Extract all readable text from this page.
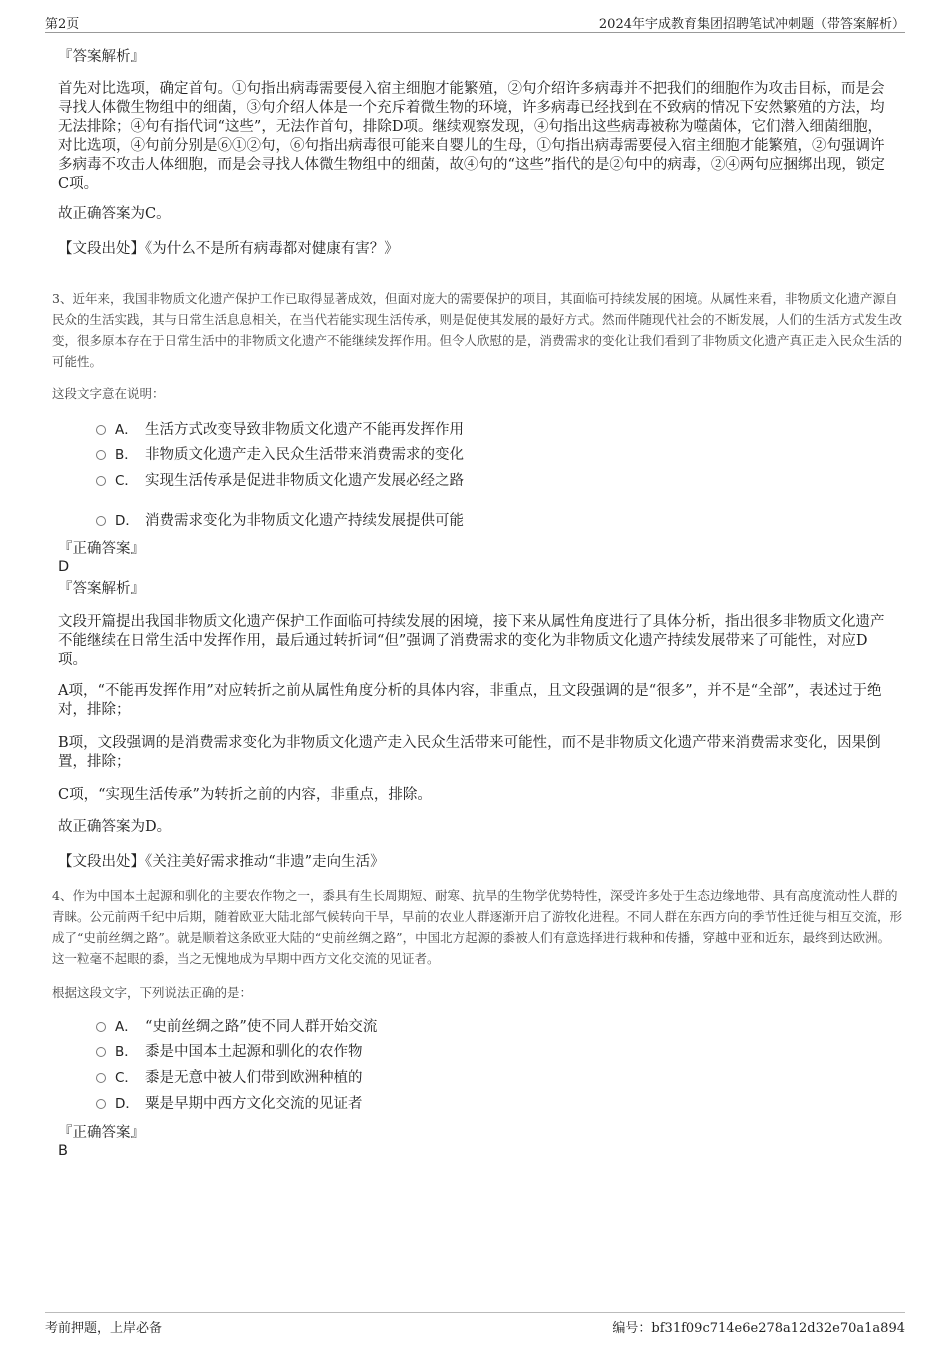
第2页	2024年宇成教育集团招聘笔试冲刺题（带答案解析）
『答案解析』
首先对比选项，确定首句。①句指出病毒需要侵入宿主细胞才能繁殖，②句介绍许多病毒并不把我们的细胞作为攻击目标，而是会寻找人体微生物组中的细菌，③句介绍人体是一个充斥着微生物的环境，许多病毒已经找到在不致病的情况下安然繁殖的方法，均无法排除；④句有指代词“这些”，无法作首句，排除D项。继续观察发现，④句指出这些病毒被称为噬菌体，它们潜入细菌细胞，对比选项，④句前分别是⑥①②句，⑥句指出病毒很可能来自婴儿的生母，①句指出病毒需要侵入宿主细胞才能繁殖，②句强调许多病毒不攻击人体细胞，而是会寻找人体微生物组中的细菌，故④句的“这些”指代的是②句中的病毒，②④两句应捆绑出现，锁定C项。
故正确答案为C。
【文段出处】《为什么不是所有病毒都对健康有害？》
3、近年来，我国非物质文化遗产保护工作已取得显著成效，但面对庞大的需要保护的项目，其面临可持续发展的困境。从属性来看，非物质文化遗产源自民众的生活实践，其与日常生活息息相关，在当代若能实现生活传承，则是促使其发展的最好方式。然而伴随现代社会的不断发展，人们的生活方式发生改变，很多原本存在于日常生活中的非物质文化遗产不能继续发挥作用。但令人欣慰的是，消费需求的变化让我们看到了非物质文化遗产真正走入民众生活的可能性。
这段文字意在说明：
A． 生活方式改变导致非物质文化遗产不能再发挥作用
B． 非物质文化遗产走入民众生活带来消费需求的变化
C． 实现生活传承是促进非物质文化遗产发展必经之路
D． 消费需求变化为非物质文化遗产持续发展提供可能
『正确答案』
D
『答案解析』
文段开篇提出我国非物质文化遗产保护工作面临可持续发展的困境，接下来从属性角度进行了具体分析，指出很多非物质文化遗产不能继续在日常生活中发挥作用，最后通过转折词“但”强调了消费需求的变化为非物质文化遗产持续发展带来了可能性，对应D项。
A项，“不能再发挥作用”对应转折之前从属性角度分析的具体内容，非重点，且文段强调的是“很多”，并不是“全部”，表述过于绝对，排除；
B项，文段强调的是消费需求变化为非物质文化遗产走入民众生活带来可能性，而不是非物质文化遗产带来消费需求变化，因果倒置，排除；
C项，“实现生活传承”为转折之前的内容，非重点，排除。
故正确答案为D。
【文段出处】《关注美好需求推动“非遗”走向生活》
4、作为中国本土起源和驯化的主要农作物之一，黍具有生长周期短、耐寒、抗旱的生物学优势特性，深受许多处于生态边缘地带、具有高度流动性人群的青睐。公元前两千纪中后期，随着欧亚大陆北部气候转向干旱，早前的农业人群逐渐开启了游牧化进程。不同人群在东西方向的季节性迁徙与相互交流，形成了“史前丝绸之路”。就是顺着这条欧亚大陆的“史前丝绸之路”，中国北方起源的黍被人们有意选择进行栽种和传播，穿越中亚和近东，最终到达欧洲。这一粒毫不起眼的黍，当之无愧地成为早期中西方文化交流的见证者。
根据这段文字，下列说法正确的是：
A． “史前丝绸之路”使不同人群开始交流
B． 黍是中国本土起源和驯化的农作物
C． 黍是无意中被人们带到欧洲种植的
D． 粟是早期中西方文化交流的见证者
『正确答案』
B
考前押题，上岸必备	编号：bf31f09c714e6e278a12d32e70a1a894
